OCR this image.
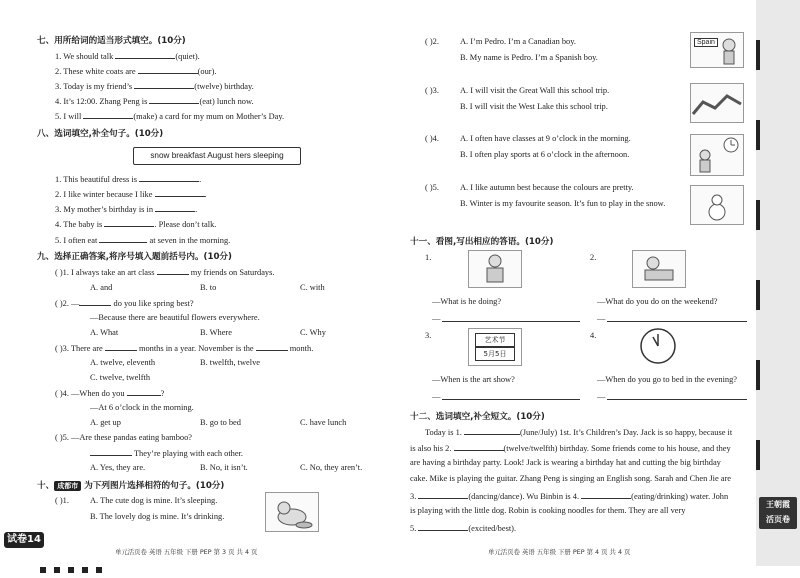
七、用所给词的适当形式填空。(10分)
1. We should talk	(quiet).
2. These white coats are	(our).
3. Today is my friend’s	(twelve) birthday.
4. It’s 12:00. Zhang Peng is	(eat) lunch now.
5. I will	(make) a card for my mum on Mother’s Day.
八、选词填空,补全句子。(10分)
snow breakfast August hers sleeping
1. This beautiful dress is	.
2. I like winter because I like	.
3. My mother’s birthday is in	.
4. The baby is	. Please don’t talk.
5. I often eat	at seven in the morning.
九、选择正确答案,将序号填入题前括号内。(10分)
( )1. I always take an art class	my friends on Saturdays.
A. and	B. to	C. with
( )2. —	do you like spring best?
—Because there are beautiful flowers everywhere.
A. What	B. Where	C. Why
( )3. There are	months in a year. November is the	month.
A. twelve, eleventh	B. twelfth, twelve
C. twelve, twelfth
( )4. —When do you	?
—At 6 o’clock in the morning.
A. get up	B. go to bed	C. have lunch
( )5. —Are these pandas eating bamboo?
They’re playing with each other.
A. Yes, they are.	B. No, it isn’t.	C. No, they aren’t.
十、 成都市 为下列图片选择相符的句子。(10分)
( )1.	A. The cute dog is mine. It’s sleeping.
B. The lovely dog is mine. It’s drinking.
试卷14
单元活页卷 英语 五年级 下册 PEP 第 3 页 共 4 页
( )2.	A. I’m Pedro. I’m a Canadian boy.
B. My name is Pedro. I’m a Spanish boy.
Spain
( )3.	A. I will visit the Great Wall this school trip.
B. I will visit the West Lake this school trip.
( )4.	A. I often have classes at 9 o’clock in the morning.
B. I often play sports at 6 o’clock in the afternoon.
( )5.	A. I like autumn best because the colours are pretty.
B. Winter is my favourite season. It’s fun to play in the snow.
十一、看图,写出相应的答语。(10分)
1.
—What is he doing?
—
2.
—What do you do on the weekend?
—
3.	艺术节
5月5日
—When is the art show?
—
4.
—When do you go to bed in the evening?
—
十二、选词填空,补全短文。(10分)
Today is 1.	(June/July) 1st. It’s Children’s Day. Jack is so happy, because it
is also his 2.	(twelve/twelfth) birthday. Some friends come to his house, and they
are having a birthday party. Look! Jack is wearing a birthday hat and cutting the big birthday
cake. Mike is playing the guitar. Zhang Peng is singing an English song. Sarah and Chen Jie are
3.	(dancing/dance). Wu Binbin is 4.	(eating/drinking) water. John
is playing with the little dog. Robin is cooking noodles for them. They are all very
5.	(excited/best).
单元活页卷 英语 五年级 下册 PEP 第 4 页 共 4 页
王朝霞
活页卷
